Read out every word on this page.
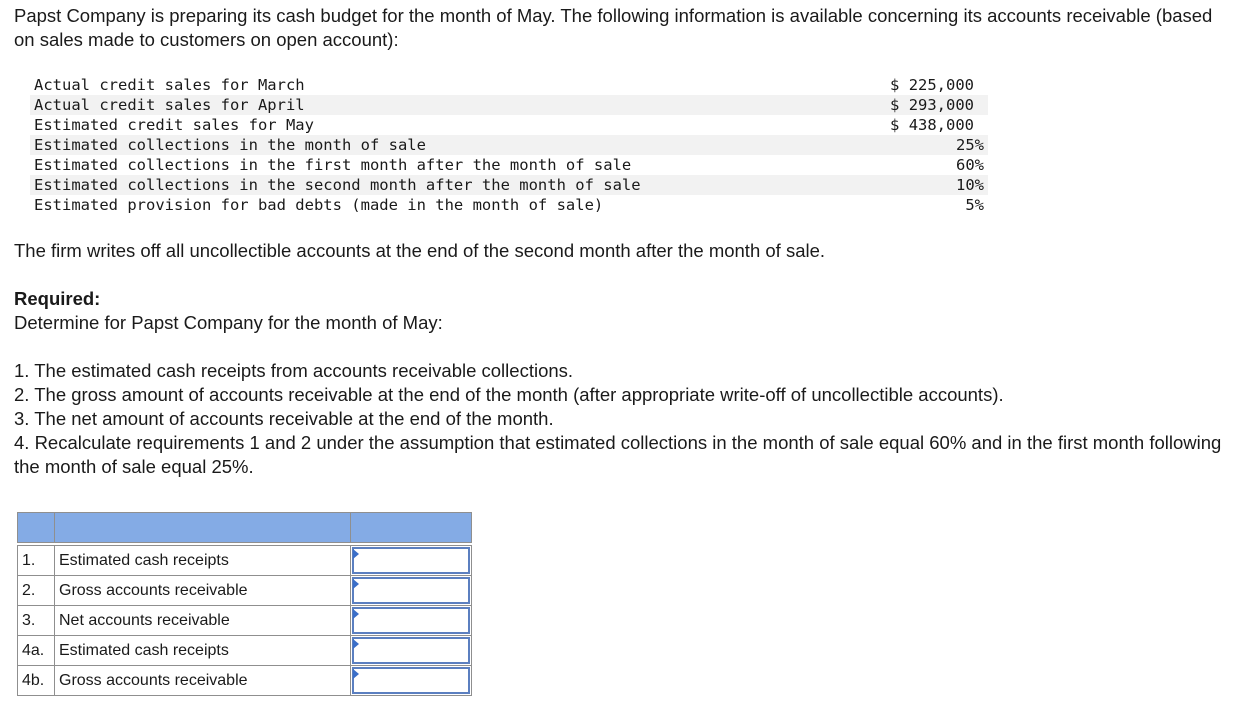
Papst Company is preparing its cash budget for the month of May. The following information is available concerning its accounts receivable (based on sales made to customers on open account):

Actual credit sales for March	$ 225,000
Actual credit sales for April	$ 293,000
Estimated credit sales for May	$ 438,000
Estimated collections in the month of sale	25%
Estimated collections in the first month after the month of sale	60%
Estimated collections in the second month after the month of sale	10%
Estimated provision for bad debts (made in the month of sale)	5%

The firm writes off all uncollectible accounts at the end of the second month after the month of sale.

Required:

Determine for Papst Company for the month of May:

1. The estimated cash receipts from accounts receivable collections.
2. The gross amount of accounts receivable at the end of the month (after appropriate write-off of uncollectible accounts).
3. The net amount of accounts receivable at the end of the month.
4. Recalculate requirements 1 and 2 under the assumption that estimated collections in the month of sale equal 60% and in the first month following the month of sale equal 25%.

1.	Estimated cash receipts	

2.	Gross accounts receivable	

3.	Net accounts receivable	

4a.	Estimated cash receipts	

4b.	Gross accounts receivable	
